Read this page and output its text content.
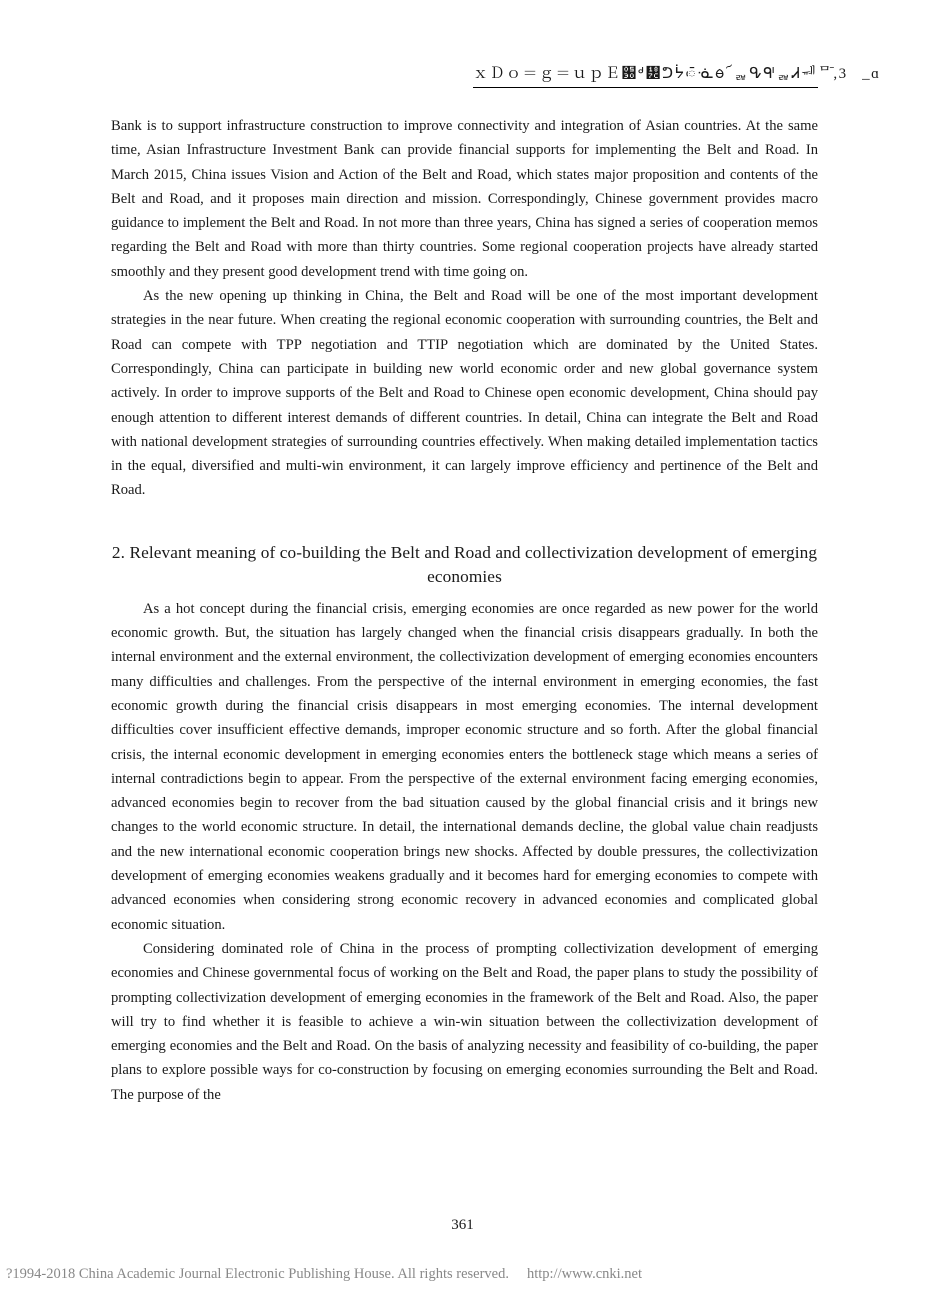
ｘＤｏ＝ｇ＝ｕｐＥ԰ᒄ᡼ᕤᔮᰵᰳᓍᰟ՜ᇕᕴᒅᇕᏗᆐᄆ̄,3ᅠ_ɑ

Bank is to support infrastructure construction to improve connectivity and integration of Asian countries. At the same time, Asian Infrastructure Investment Bank can provide financial supports for implementing the Belt and Road. In March 2015, China issues Vision and Action of the Belt and Road, which states major proposition and contents of the Belt and Road, and it proposes main direction and mission. Correspondingly, Chinese government provides macro guidance to implement the Belt and Road. In not more than three years, China has signed a series of cooperation memos regarding the Belt and Road with more than thirty countries. Some regional cooperation projects have already started smoothly and they present good development trend with time going on.

As the new opening up thinking in China, the Belt and Road will be one of the most important development strategies in the near future. When creating the regional economic cooperation with surrounding countries, the Belt and Road can compete with TPP negotiation and TTIP negotiation which are dominated by the United States. Correspondingly, China can participate in building new world economic order and new global governance system actively. In order to improve supports of the Belt and Road to Chinese open economic development, China should pay enough attention to different interest demands of different countries. In detail, China can integrate the Belt and Road with national development strategies of surrounding countries effectively. When making detailed implementation tactics in the equal, diversified and multi-win environment, it can largely improve efficiency and pertinence of the Belt and Road.

2. Relevant meaning of co-building the Belt and Road and collectivization development of emerging economies

As a hot concept during the financial crisis, emerging economies are once regarded as new power for the world economic growth. But, the situation has largely changed when the financial crisis disappears gradually. In both the internal environment and the external environment, the collectivization development of emerging economies encounters many difficulties and challenges. From the perspective of the internal environment in emerging economies, the fast economic growth during the financial crisis disappears in most emerging economies. The internal development difficulties cover insufficient effective demands, improper economic structure and so forth. After the global financial crisis, the internal economic development in emerging economies enters the bottleneck stage which means a series of internal contradictions begin to appear. From the perspective of the external environment facing emerging economies, advanced economies begin to recover from the bad situation caused by the global financial crisis and it brings new changes to the world economic structure. In detail, the international demands decline, the global value chain readjusts and the new international economic cooperation brings new shocks. Affected by double pressures, the collectivization development of emerging economies weakens gradually and it becomes hard for emerging economies to compete with advanced economies when considering strong economic recovery in advanced economies and complicated global economic situation.

Considering dominated role of China in the process of prompting collectivization development of emerging economies and Chinese governmental focus of working on the Belt and Road, the paper plans to study the possibility of prompting collectivization development of emerging economies in the framework of the Belt and Road. Also, the paper will try to find whether it is feasible to achieve a win-win situation between the collectivization development of emerging economies and the Belt and Road. On the basis of analyzing necessity and feasibility of co-building, the paper plans to explore possible ways for co-construction by focusing on emerging economies surrounding the Belt and Road. The purpose of the

361
?1994-2018 China Academic Journal Electronic Publishing House. All rights reserved. http://www.cnki.net
